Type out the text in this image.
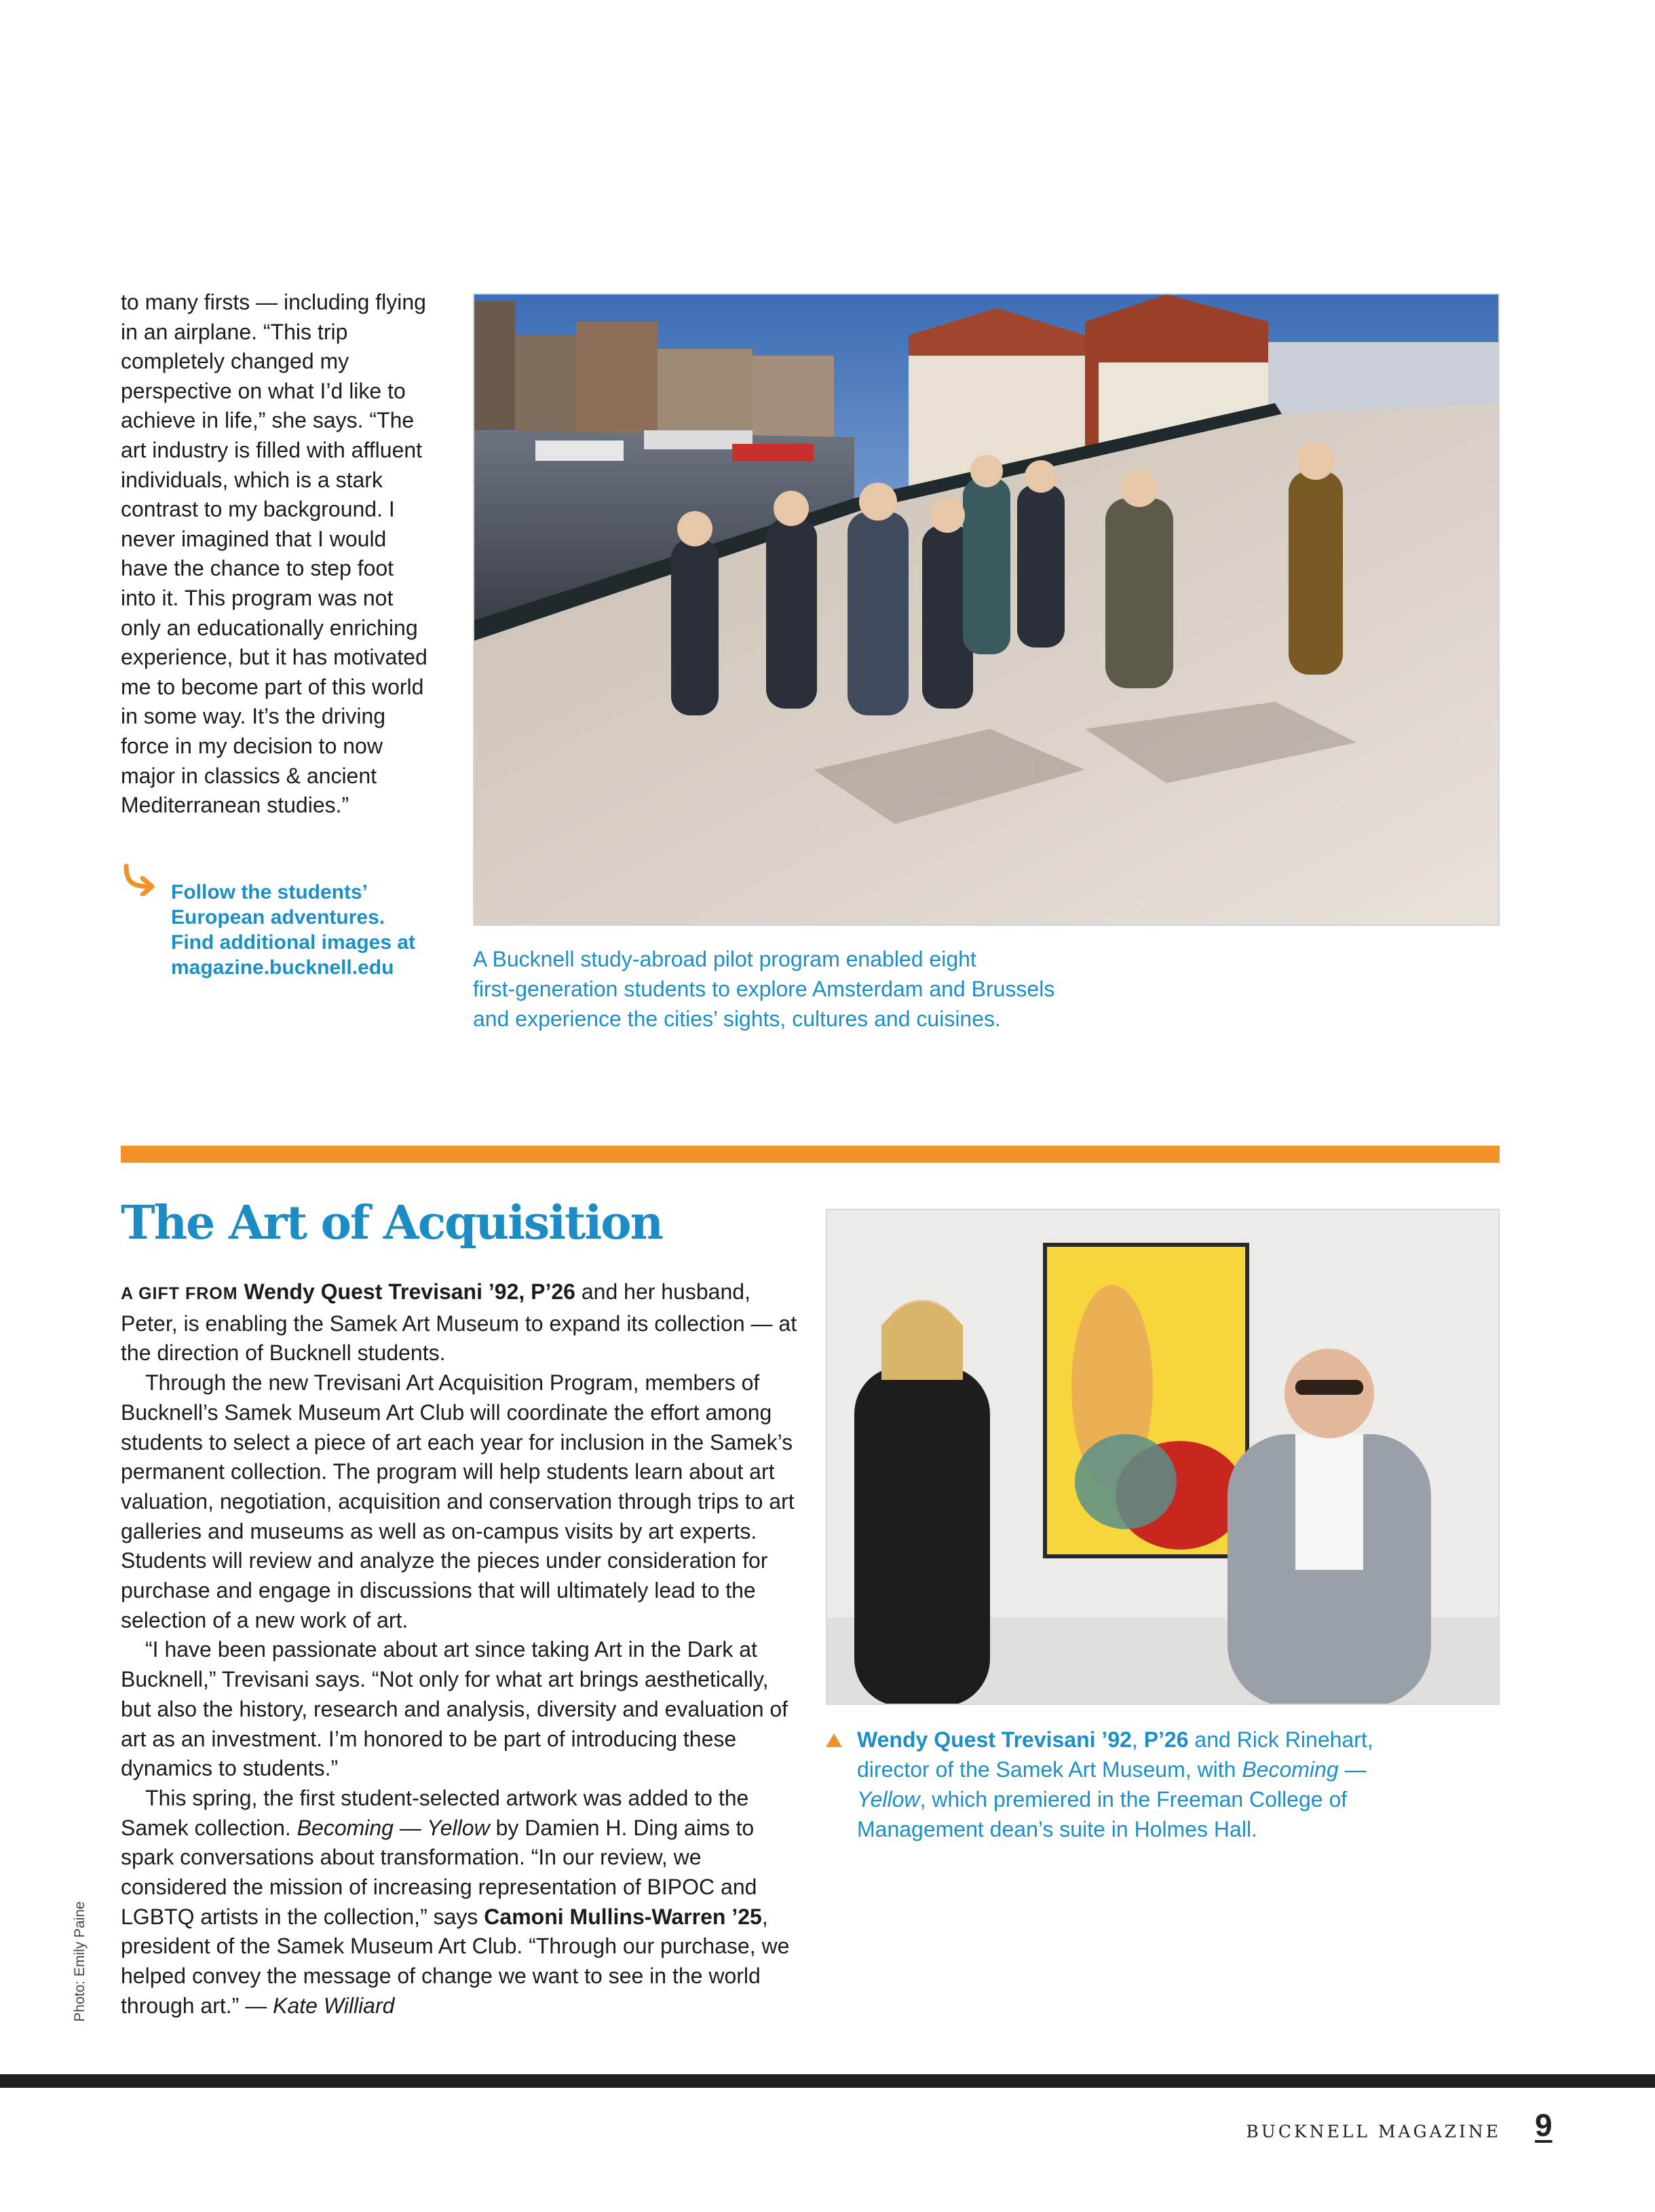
to many firsts — including flying
in an airplane. “This trip
completely changed my
perspective on what I’d like to
achieve in life,” she says. “The
art industry is filled with affluent
individuals, which is a stark
contrast to my background. I
never imagined that I would
have the chance to step foot
into it. This program was not
only an educationally enriching
experience, but it has motivated
me to become part of this world
in some way. It’s the driving
force in my decision to now
major in classics & ancient
Mediterranean studies.”
Follow the students’
European adventures.
Find additional images at
magazine.bucknell.edu	A Bucknell study-abroad pilot program enabled eight
first-generation students to explore Amsterdam and Brussels
and experience the cities’ sights, cultures and cuisines.
The Art of Acquisition

A GIFT FROM Wendy Quest Trevisani ’92, P’26 and her husband, Peter, is enabling the Samek Art Museum to expand its collection — at the direction of Bucknell students.

Through the new Trevisani Art Acquisition Program, members of Bucknell’s Samek Museum Art Club will coordinate the effort among students to select a piece of art each year for inclusion in the Samek’s permanent collection. The program will help students learn about art valuation, negotiation, acquisition and conservation through trips to art galleries and museums as well as on-campus visits by art experts. Students will review and analyze the pieces under consideration for purchase and engage in discussions that will ultimately lead to the selection of a new work of art.

“I have been passionate about art since taking Art in the Dark at Bucknell,” Trevisani says. “Not only for what art brings aesthetically, but also the history, research and analysis, diversity and evaluation of art as an investment. I’m honored to be part of introducing these dynamics to students.”

This spring, the first student-selected artwork was added to the Samek collection. Becoming — Yellow by Damien H. Ding aims to spark conversations about transformation. “In our review, we considered the mission of increasing representation of BIPOC and LGBTQ artists in the collection,” says Camoni Mullins-Warren ’25, president of the Samek Museum Art Club. “Through our purchase, we helped convey the message of change we want to see in the world through art.” — Kate Williard

Wendy Quest Trevisani ’92, P’26 and Rick Rinehart, director of the Samek Art Museum, with Becoming — Yellow, which premiered in the Freeman College of Management dean’s suite in Holmes Hall.
Photo: Emily Paine
BUCKNELL MAGAZINE 9
